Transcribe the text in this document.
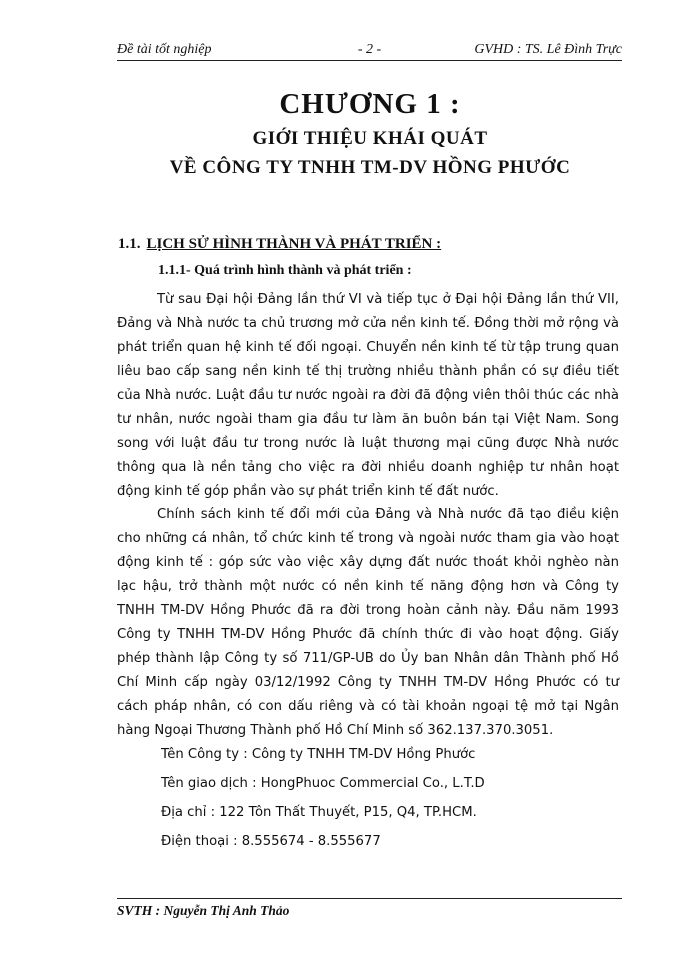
Đề tài tốt nghiệp	- 2 -	GVHD : TS. Lê Đình Trực
CHƯƠNG 1 :
GIỚI THIỆU KHÁI QUÁT
VỀ CÔNG TY TNHH TM-DV HỒNG PHƯỚC
1.1. LỊCH SỬ HÌNH THÀNH VÀ PHÁT TRIỂN :
1.1.1- Quá trình hình thành và phát triển :

Từ sau Đại hội Đảng lần thứ VI và tiếp tục ở Đại hội Đảng lần thứ VII, Đảng và Nhà nước ta chủ trương mở cửa nền kinh tế. Đồng thời mở rộng và phát triển quan hệ kinh tế đối ngoại. Chuyển nền kinh tế từ tập trung quan liêu bao cấp sang nền kinh tế thị trường nhiều thành phần có sự điều tiết của Nhà nước. Luật đầu tư nước ngoài ra đời đã động viên thôi thúc các nhà tư nhân, nước ngoài tham gia đầu tư làm ăn buôn bán tại Việt Nam. Song song với luật đầu tư trong nước là luật thương mại cũng được Nhà nước thông qua là nền tảng cho việc ra đời nhiều doanh nghiệp tư nhân hoạt động kinh tế góp phần vào sự phát triển kinh tế đất nước.

Chính sách kinh tế đổi mới của Đảng và Nhà nước đã tạo điều kiện cho những cá nhân, tổ chức kinh tế trong và ngoài nước tham gia vào hoạt động kinh tế : góp sức vào việc xây dựng đất nước thoát khỏi nghèo nàn lạc hậu, trở thành một nước có nền kinh tế năng động hơn và Công ty TNHH TM-DV Hồng Phước đã ra đời trong hoàn cảnh này. Đầu năm 1993 Công ty TNHH TM-DV Hồng Phước đã chính thức đi vào hoạt động. Giấy phép thành lập Công ty số 711/GP-UB do Ủy ban Nhân dân Thành phố Hồ Chí Minh cấp ngày 03/12/1992 Công ty TNHH TM-DV Hồng Phước có tư cách pháp nhân, có con dấu riêng và có tài khoản ngoại tệ mở tại Ngân hàng Ngoại Thương Thành phố Hồ Chí Minh số 362.137.370.3051.

Tên Công ty : Công ty TNHH TM-DV Hồng Phước
Tên giao dịch : HongPhuoc Commercial Co., L.T.D
Địa chỉ : 122 Tôn Thất Thuyết, P15, Q4, TP.HCM.
Điện thoại : 8.555674 - 8.555677
SVTH : Nguyễn Thị Anh Thảo
